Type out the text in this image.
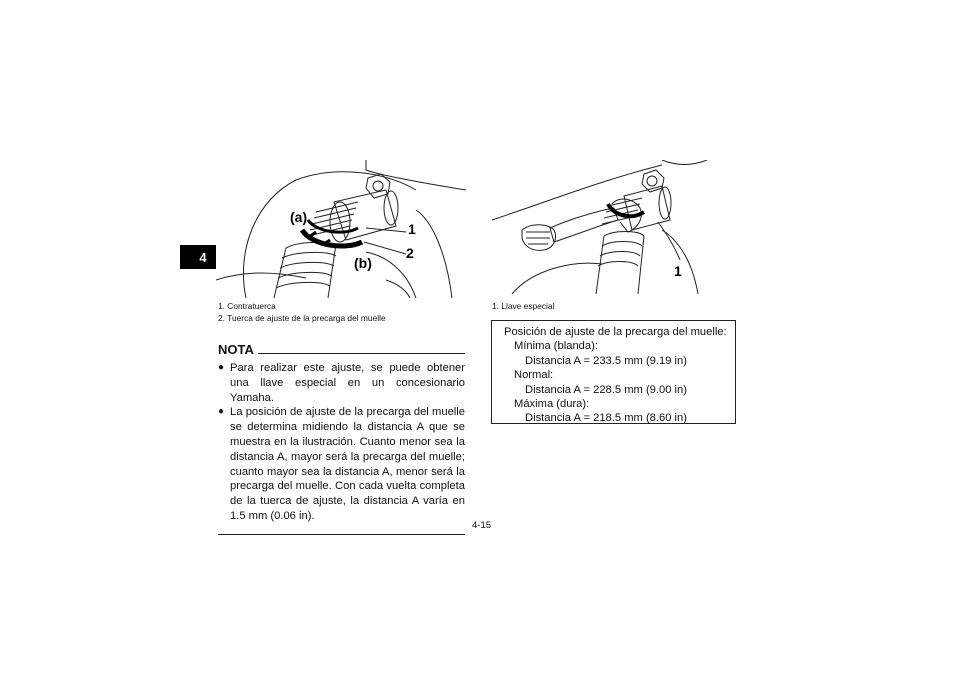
4
(a)
(b)
1
2
1. Contratuerca
2. Tuerca de ajuste de la precarga del muelle
1
1. Llave especial
NOTA
● Para realizar este ajuste, se puede obtener una llave especial en un concesionario Yamaha.
● La posición de ajuste de la precarga del muelle se determina midiendo la distancia A que se muestra en la ilustración. Cuanto menor sea la distancia A, mayor será la precarga del muelle; cuanto mayor sea la distancia A, menor será la precarga del muelle. Con cada vuelta completa de la tuerca de ajuste, la distancia A varía en 1.5 mm (0.06 in).
Posición de ajuste de la precarga del muelle:
Mínima (blanda):
Distancia A = 233.5 mm (9.19 in)
Normal:
Distancia A = 228.5 mm (9.00 in)
Máxima (dura):
Distancia A = 218.5 mm (8.60 in)
4-15
